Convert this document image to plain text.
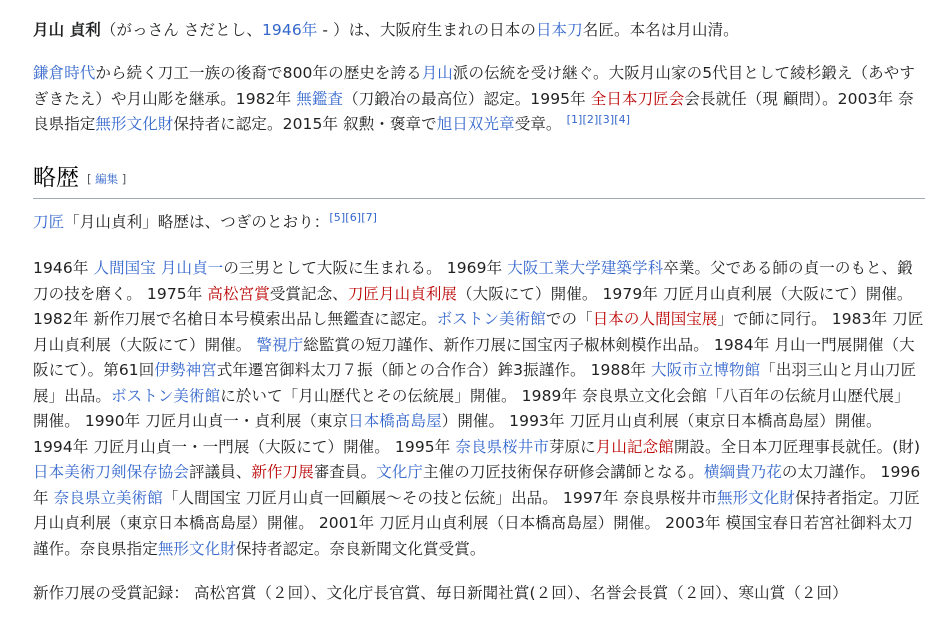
月山 貞利（がっさん さだとし、1946年 - ）は、大阪府生まれの日本の日本刀名匠。本名は月山清。

鎌倉時代から続く刀工一族の後裔で800年の歴史を誇る月山派の伝統を受け継ぐ。大阪月山家の5代目として綾杉鍛え（あやすぎきたえ）や月山彫を継承。1982年 無鑑査（刀鍛冶の最高位）認定。1995年 全日本刀匠会会長就任（現 顧問）。2003年 奈良県指定無形文化財保持者に認定。2015年 叙勲・褒章で旭日双光章受章。 [1][2][3][4]

略歴 [ 編集 ]

刀匠「月山貞利」略歴は、つぎのとおり：[5][6][7]

1946年 人間国宝 月山貞一の三男として大阪に生まれる。 1969年 大阪工業大学建築学科卒業。父である師の貞一のもと、鍛刀の技を磨く。 1975年 高松宮賞受賞記念、刀匠月山貞利展（大阪にて）開催。 1979年 刀匠月山貞利展（大阪にて）開催。 1982年 新作刀展で名槍日本号模索出品し無鑑査に認定。ボストン美術館での「日本の人間国宝展」で師に同行。 1983年 刀匠月山貞利展（大阪にて）開催。 警視庁総監賞の短刀謹作、新作刀展に国宝丙子椒林剣模作出品。 1984年 月山一門展開催（大阪にて）。第61回伊勢神宮式年遷宮御料太刀７振（師との合作合）鉾3振謹作。 1988年 大阪市立博物館「出羽三山と月山刀匠展」出品。ボストン美術館に於いて「月山歴代とその伝統展」開催。 1989年 奈良県立文化会館「八百年の伝統月山歴代展」開催。 1990年 刀匠月山貞一・貞利展（東京日本橋髙島屋）開催。 1993年 刀匠月山貞利展（東京日本橋髙島屋）開催。 1994年 刀匠月山貞一・一門展（大阪にて）開催。 1995年 奈良県桜井市芽原に月山記念館開設。全日本刀匠理事長就任。(財) 日本美術刀剣保存協会評議員、新作刀展審査員。文化庁主催の刀匠技術保存研修会講師となる。横綱貴乃花の太刀謹作。 1996年 奈良県立美術館「人間国宝 刀匠月山貞一回顧展〜その技と伝統」出品。 1997年 奈良県桜井市無形文化財保持者指定。刀匠月山貞利展（東京日本橋髙島屋）開催。 2001年 刀匠月山貞利展（日本橋髙島屋）開催。 2003年 模国宝春日若宮社御料太刀謹作。奈良県指定無形文化財保持者認定。奈良新聞文化賞受賞。

新作刀展の受賞記録： 高松宮賞（２回）、文化庁長官賞、毎日新聞社賞(２回）、名誉会長賞（２回）、寒山賞（２回）
